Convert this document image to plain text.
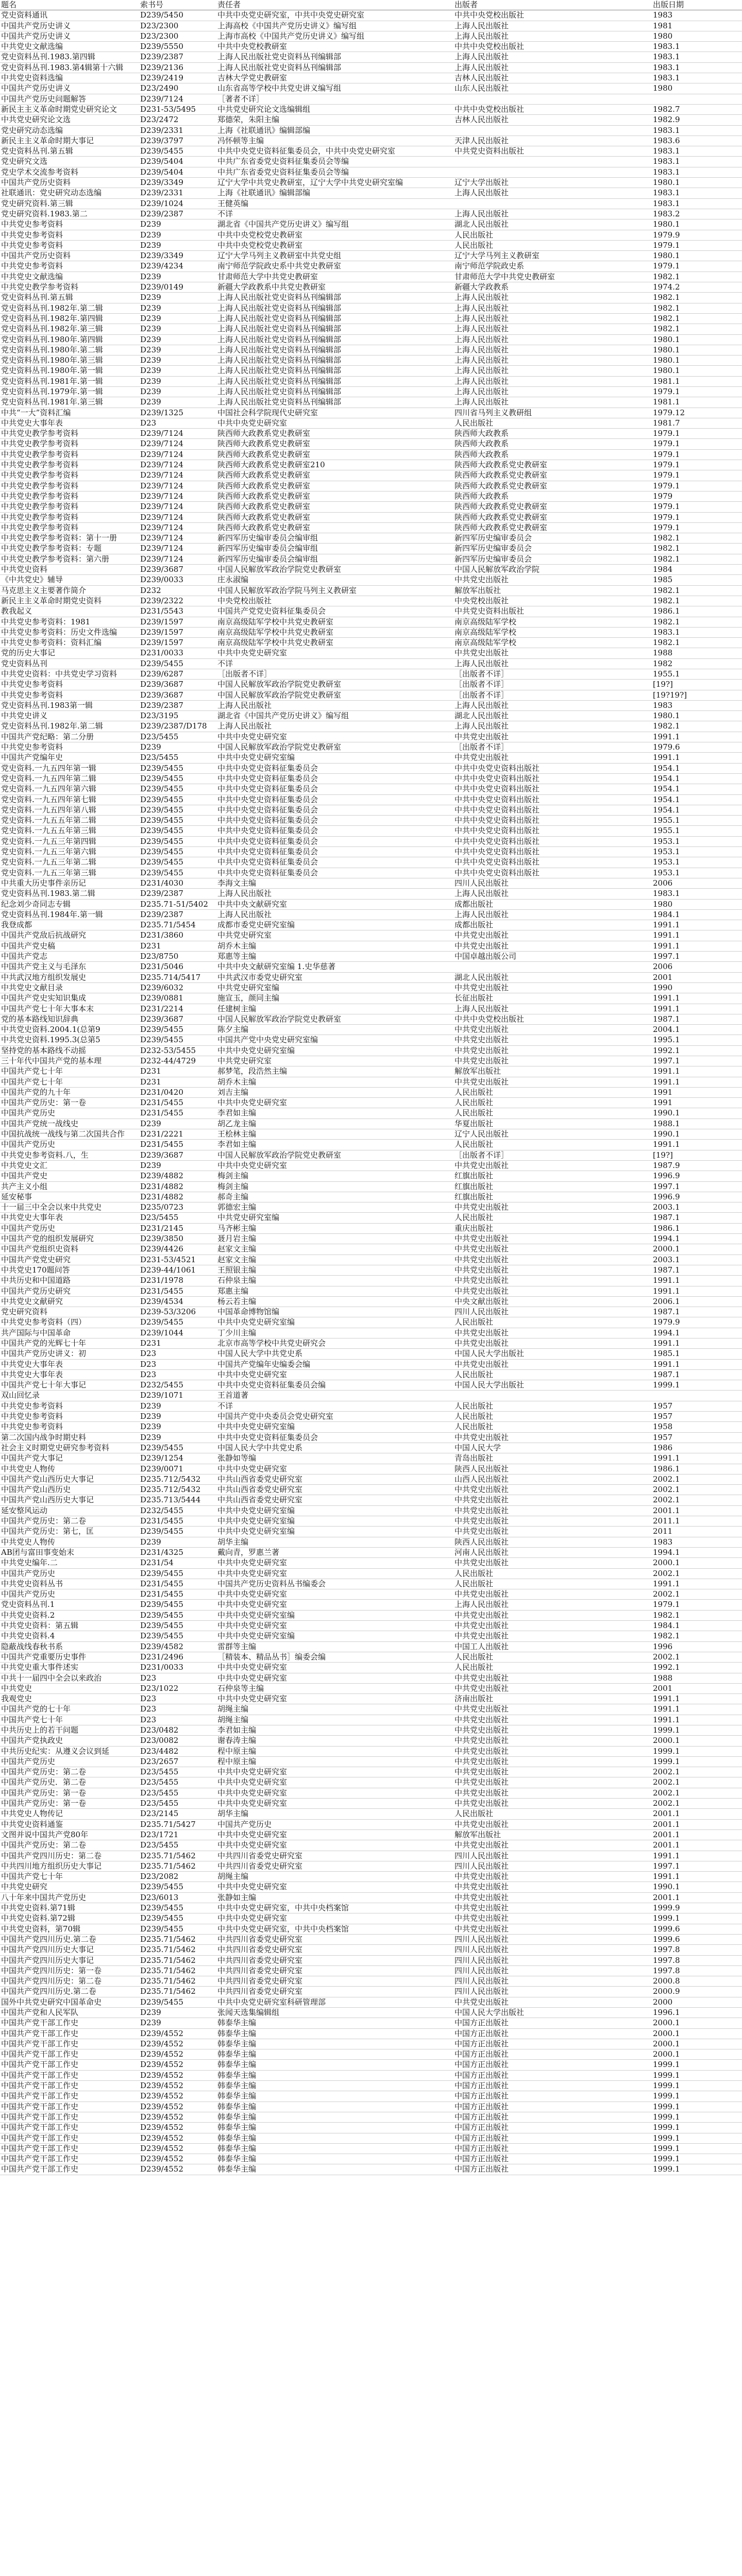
题名	索书号	责任者	出版者	出版日期
党史资料通讯	D239/5450	中共中央党史研究室，中共中央党史研究室	中共中央党校出版社	1983
中国共产党历史讲义	D23/2300	上海高校《中国共产党历史讲义》编写组	上海人民出版社	1981
中国共产党历史讲义	D23/2300	上海市高校《中国共产党历史讲义》编写组	上海人民出版社	1980
中共党史文献选编	D239/5550	中共中央党校教研室	中共中央党校出版社	1983.1
党史资料丛刊.1983.第四辑	D239/2387	上海人民出版社党史资料丛刊编辑部	上海人民出版社	1983.1
党史资料丛刊.1983.第4辑第十六辑	D239/2136	上海人民出版社党史资料丛刊编辑部	上海人民出版社	1983.1
中共党史资料选编	D239/2419	吉林大学党史教研室	吉林人民出版社	1983.1
中国共产党历史讲义	D23/2490	山东省高等学校中共党史讲义编写组	山东人民出版社	1980
中国共产党历史问题解答	D239/7124	［著者不详］		
新民主主义革命时期党史研究论文	D231-53/5495	中共党史研究论文选编辑组	中共中央党校出版社	1982.7
中共党史研究论文选	D23/2472	郑德荣，朱阳主编	吉林人民出版社	1982.9
党史研究动态选编	D239/2331	上海《社联通讯》编辑部编		1983.1
新民主主义革命时期大事记	D239/3797	冯怀顿等主编	天津人民出版社	1983.6
党史资料丛刊.第五辑	D239/5455	中共中央党史资料征集委员会，中共中央党史研究室	中共党史资料出版社	1983.1
党史研究文选	D239/5404	中共广东省委党史资料征集委员会等编		1983.1
党史学术交流参考资料	D239/5404	中共广东省委党史资料征集委员会等编		1983.1
中国共产党历史资料	D239/3349	辽宁大学中共党史教研室，辽宁大学中共党史研究室编	辽宁大学出版社	1980.1
社联通讯：党史研究动态选编	D239/2331	上海《社联通讯》编辑部编	上海人民出版社	1983.1
党史研究资料.第三辑	D239/1024	王健英编		1983.1
党史研究资料.1983.第二	D239/2387	不详	上海人民出版社	1983.2
中共党史参考资料	D239	湖北省《中国共产党历史讲义》编写组	湖北人民出版社	1980.1
中共党史参考资料	D239	中共中央党校党史教研室	人民出版社	1979.9
中共党史参考资料	D239	中共中央党校党史教研室	人民出版社	1979.1
中国共产党历史资料	D239/3349	辽宁大学马列主义教研室中共党史组	辽宁大学马列主义教研室	1980.1
中共党史参考资料	D239/4234	南宁师范学院政史系中共党史教研室	南宁师范学院政史系	1979.1
中共党史文献选编	D239	甘肃师范大学中共党史教研室	甘肃师范大学中共党史教研室	1982.1
中共党史教学参考资料	D239/0149	新疆大学政教系中共党史教研室	新疆大学政教系	1974.2
党史资料丛刊.第五辑	D239	上海人民出版社党史资料丛刊编辑部	上海人民出版社	1982.1
党史资料丛刊.1982年.第二辑	D239	上海人民出版社党史资料丛刊编辑部	上海人民出版社	1982.1
党史资料丛刊.1982年.第四辑	D239	上海人民出版社党史资料丛刊编辑部	上海人民出版社	1982.1
党史资料丛刊.1982年.第三辑	D239	上海人民出版社党史资料丛刊编辑部	上海人民出版社	1982.1
党史资料丛刊.1980年.第四辑	D239	上海人民出版社党史资料丛刊编辑部	上海人民出版社	1980.1
党史资料丛刊.1980年.第二辑	D239	上海人民出版社党史资料丛刊编辑部	上海人民出版社	1980.1
党史资料丛刊.1980年.第三辑	D239	上海人民出版社党史资料丛刊编辑部	上海人民出版社	1980.1
党史资料丛刊.1980年.第一辑	D239	上海人民出版社党史资料丛刊编辑部	上海人民出版社	1980.1
党史资料丛刊.1981年.第一辑	D239	上海人民出版社党史资料丛刊编辑部	上海人民出版社	1981.1
党史资料丛刊.1979年.第一辑	D239	上海人民出版社党史资料丛刊编辑部	上海人民出版社	1979.1
党史资料丛刊.1981年.第三辑	D239	上海人民出版社党史资料丛刊编辑部	上海人民出版社	1981.1
中共“一大”资料汇编	D239/1325	中国社会科学院现代史研究室	四川省马列主义教研组	1979.12
中共党史大事年表	D23	中共中央党史研究室	人民出版社	1981.7
中共党史教学参考资料	D239/7124	陕西师大政教系党史教研室	陕西师大政教系	1979.1
中共党史教学参考资料	D239/7124	陕西师大政教系党史教研室	陕西师大政教系	1979.1
中共党史教学参考资料	D239/7124	陕西师大政教系党史教研室	陕西师大政教系	1979.1
中共党史教学参考资料	D239/7124	陕西师大政教系党史教研室210	陕西师大政教系党史教研室	1979.1
中共党史教学参考资料	D239/7124	陕西师大政教系党史教研室	陕西师大政教系党史教研室	1979.1
中共党史教学参考资料	D239/7124	陕西师大政教系党史教研室	陕西师大政教系党史教研室	1979.1
中共党史教学参考资料	D239/7124	陕西师大政教系党史教研室	陕西师大政教系	1979
中共党史教学参考资料	D239/7124	陕西师大政教系党史教研室	陕西师大政教系党史教研室	1979.1
中共党史教学参考资料	D239/7124	陕西师大政教系党史教研室	陕西师大政教系党史教研室	1979.1
中共党史教学参考资料	D239/7124	陕西师大政教系党史教研室	陕西师大政教系党史教研室	1979.1
中共党史教学参考资料：第十一册	D239/7124	新四军历史编审委员会编审组	新四军历史编审委员会	1982.1
中共党史教学参考资料：专题	D239/7124	新四军历史编审委员会编审组	新四军历史编审委员会	1982.1
中共党史教学参考资料：第六册	D239/7124	新四军历史编审委员会编审组	新四军历史编审委员会	1982.1
中共党史资料	D239/3687	中国人民解放军政治学院党史教研室	中国人民解放军政治学院	1984
《中共党史》辅导	D239/0033	庄永淑编	中共党史出版社	1985
马克思主义主要著作简介	D232	中国人民解放军政治学院马列主义教研室	解放军出版社	1982.1
新民主主义革命时期党史资料	D239/2322	中央党校出版社	中央党校出版社	1982.1
教我起义	D231/5543	中国共产党党史资料征集委员会	中共党史资料出版社	1986.1
中共党史参考资料：1981	D239/1597	南京高级陆军学校中共党史教研室	南京高级陆军学校	1982.1
中共党史参考资料：历史文件选编	D239/1597	南京高级陆军学校中共党史教研室	南京高级陆军学校	1983.1
中共党史参考资料：资料汇编	D239/1597	南京高级陆军学校中共党史教研室	南京高级陆军学校	1982.1
党的历史大事记	D231/0033	中共中央党史研究室	中共党史出版社	1988
党史资料丛刊	D239/5455	不详	上海人民出版社	1982
中共党史资料：中共党史学习资料	D239/6287	［出版者不详］	［出版者不详］	1955.1
中共党史参考资料	D239/3687	中国人民解放军政治学院党史教研室	［出版者不详］	[19?]
中共党史参考资料	D239/3687	中国人民解放军政治学院党史教研室	［出版者不详］	[19?19?]
党史资料丛刊.1983第一辑	D239/2387	上海人民出版社	上海人民出版社	1983
中共党史讲义	D23/3195	湖北省《中国共产党历史讲义》编写组	湖北人民出版社	1980.1
党史资料丛刊.1982年.第二辑	D239/2387/D178	上海人民出版社	上海人民出版社	1982.1
中国共产党纪略：第二分册	D23/5455	中共中央党史研究室	中共党史出版社	1991.1
中共党史参考资料	D239	中国人民解放军政治学院党史教研室	［出版者不详］	1979.6
中国共产党编年史	D23/5455	中共中央党史研究室编	中共党史出版社	1991.1
党史资料.一九五四年第一辑	D239/5455	中共中央党史资料征集委员会	中共中央党史资料出版社	1954.1
党史资料.一九五四年第二辑	D239/5455	中共中央党史资料征集委员会	中共中央党史资料出版社	1954.1
党史资料.一九五四年第六辑	D239/5455	中共中央党史资料征集委员会	中共中央党史资料出版社	1954.1
党史资料.一九五四年第七辑	D239/5455	中共中央党史资料征集委员会	中共中央党史资料出版社	1954.1
党史资料.一九五四年第八辑	D239/5455	中共中央党史资料征集委员会	中共中央党史资料出版社	1954.1
党史资料.一九五五年第二辑	D239/5455	中共中央党史资料征集委员会	中共中央党史资料出版社	1955.1
党史资料.一九五五年第三辑	D239/5455	中共中央党史资料征集委员会	中共中央党史资料出版社	1955.1
党史资料.一九五三年第四辑	D239/5455	中共中央党史资料征集委员会	中共中央党史资料出版社	1953.1
党史资料.一九五三年第六辑	D239/5455	中共中央党史资料征集委员会	中共中央党史资料出版社	1953.1
党史资料.一九五三年第二辑	D239/5455	中共中央党史资料征集委员会	中共中央党史资料出版社	1953.1
党史资料.一九五三年第三辑	D239/5455	中共中央党史资料征集委员会	中共中央党史资料出版社	1953.1
中共重大历史事件亲历记	D231/4030	李海文主编	四川人民出版社	2006
党史资料丛刊.1983.第二辑	D239/2387	上海人民出版社	上海人民出版社	1983.1
纪念刘少奇同志专辑	D235.71-51/5402	中共中央文献研究室	成都出版社	1980
党史资料丛刊.1984年.第一辑	D239/2387	上海人民出版社	上海人民出版社	1984.1
我登成都	D235.71/5454	成都市委党史研究室编	成都出版社	1991.1
中国共产党敌后抗战研究	D231/3860	中共党史研究室	中共党史出版社	1991.1
中国共产党史稿	D231	胡乔木主编	中共党史出版社	1991.1
中国共产党志	D23/8750	郑惠等主编	中国卓越出版公司	1997.1
中国共产党主义与毛泽东	D231/5046	中共中央文献研究室编 1.史华慈著		2006
中共武汉地方组织发展史	D235.714/5417	中共武汉市委党史研究室	湖北人民出版社	2001
中共党史文献目录	D239/6032	中共党史研究室编	中共党史出版社	1990
中国共产党史实知识集成	D239/0881	施宣玉，颜同主编	长征出版社	1991.1
中国共产党七十年大事本末	D231/2214	任建树主编	上海人民出版社	1991.1
党的基本路线知识辞典	D239/3687	中国人民解放军政治学院党史教研室	中共中央党校出版社	1987.1
中共党史资料.2004.1(总第9	D239/5455	陈夕主编	中共党史出版社	2004.1
中共党史资料.1995.3(总第5	D239/5455	中国共产党中央党史研究室编	中共党史出版社	1995.1
坚持党的基本路线不动摇	D232-53/5455	中共中央党史研究室编	中共党史出版社	1992.1
三十年代中国共产党的基本理	D232-44/4729	中共党史研究室	中共党史出版社	1997.1
中国共产党七十年	D231	郝梦笔，段浩然主编	解放军出版社	1991.1
中国共产党七十年	D231	胡乔木主编	中共党史出版社	1991.1
中国共产党的九十年	D231/0420	刘吉主编	人民出版社	1991
中国共产党历史：第一卷	D231/5455	中共中央党史研究室	人民出版社	1991
中国共产党历史	D231/5455	李君如主编	人民出版社	1990.1
中国共产党统一战线史	D239	胡乙龙主编	华夏出版社	1988.1
中国抗战统一战线与第二次国共合作	D231/2221	王桧林主编	辽宁人民出版社	1990.1
中国共产党历史	D231/5455	李君如主编	人民出版社	1991.1
中共党史参考资料.八，生	D239/3687	中国人民解放军政治学院党史教研室	［出版者不详］	[19?]
中共党史文汇	D239	中共中央党史研究室	中共党史出版社	1987.9
中国共产党史	D239/4882	梅剑主编	红旗出版社	1996.9
共产主义小组	D231/4882	梅剑主编	红旗出版社	1997.1
延安秘事	D231/4882	郝奇主编	红旗出版社	1996.9
十一届三中全会以来中共党史	D235/0723	郭德宏主编	中共党史出版社	2003.1
中共党史大事年表	D23/5455	中共党史研究室编	人民出版社	1987.1
中国共产党历史	D231/2145	马齐彬主编	重庆出版社	1986.1
中国共产党的组织发展研究	D239/3850	聂月岩主编	中共党史出版社	1994.1
中国共产党组织史资料	D239/4426	赵家文主编	中共党史出版社	2000.1
中国共产党党史研究	D231-53/4521	赵家文主编	中共党史出版社	2003.1
中共党史170题问答	D239-44/1061	王照银主编	中共党史出版社	1987.1
中共历史和中国道路	D231/1978	石仲泉主编	中共党史出版社	1991.1
中国共产党历史研究	D231/5455	郑惠主编	中共党史出版社	1991.1
中共党史文献研究	D239/4534	杨云若主编	中央文献出版社	2006.1
党史研究资料	D239-53/3206	中国革命博物馆编	四川人民出版社	1987.1
中共党史参考资料（四）	D239/5455	中共中央党史研究室编	人民出版社	1979.9
共产国际与中国革命	D239/1044	丁少川主编	中共党史出版社	1994.1
中国共产党的光辉七十年	D231	北京市高等学校中共党史研究会	中共党史出版社	1991.1
中国共产党历史讲义：初	D23	中国人民大学中共党史系	中国人民大学出版社	1985.1
中共党史大事年表	D23	中国共产党编年史编委会编	中共党史出版社	1991.1
中共党史大事年表	D23	中共中央党史研究室	人民出版社	1987.1
中国共产党七十年大事记	D232/5455	中共中央党史资料征集委员会编	中国人民大学出版社	1999.1
双山回忆录	D239/1071	王首道著		
中共党史参考资料	D239	不详	人民出版社	1957
中共党史参考资料	D239	中国共产党中央委员会党史研究室	人民出版社	1957
中共党史参考资料	D239	中共中央党史研究室编	人民出版社	1958
第二次国内战争时期史料	D239	中共中央党史资料征集委员会	中共党史出版社	1957
社会主义时期党史研究参考资料	D239/5455	中国人民大学中共党史系	中国人民大学	1986
中国共产党大事记	D239/1254	张静如等编	青岛出版社	1991.1
中共党史人物传	D239/0071	中共中央党史研究室	陕西人民出版社	1986.1
中国共产党山西历史大事记	D235.712/5432	中共山西省委党史研究室	山西人民出版社	2002.1
中国共产党山西历史	D235.712/5432	中共山西省委党史研究室	中共党史出版社	2002.1
中国共产党山西历史大事记	D235.713/5444	中共山西省委党史研究室	中共党史出版社	2002.1
延安整风运动	D232/5455	中共中央党史研究室编	中共党史出版社	2001.1
中国共产党历史：第二卷	D231/5455	中共中央党史研究室编	中共党史出版社	2011.1
中国共产党历史：第七，匡	D239/5455	中共中央党史研究室编	中共党史出版社	2011
中共党史人物传	D239	胡华主编	陕西人民出版社	1983
AB团与富田事变始末	D231/4325	戴向青，罗惠兰著	河南人民出版社	1994.1
中共党史编年.二	D231/54	中共中央党史研究室	中共党史出版社	2000.1
中国共产党历史	D239/5455	中共中央党史研究室	人民出版社	2002.1
中共党史资料丛书	D231/5455	中国共产党历史资料丛书编委会	人民出版社	1991.1
中国共产党历史	D231/5455	中共中央党史研究室	中共党史出版社	2002.1
党史资料丛刊.1	D239/5455	中共中央党史研究室	上海人民出版社	1979.1
中共党史资料.2	D239/5455	中共中央党史研究室编	中共党史出版社	1982.1
中共党史资料：第五辑	D239/5455	中共中央党史研究室	中共党史出版社	1984.1
中共党史资料.4	D239/5455	中共中央党史研究室编	中共党史出版社	1982.1
隐蔽战线春秋书系	D239/4582	雷群等主编	中国工人出版社	1996
中国共产党重要历史事件	D231/2496	［精装本、精品丛书］编委会编	人民出版社	2002.1
中共党史重大事件述实	D231/0033	中共中央党史研究室	人民出版社	1992.1
中共十一届四中全会以来政治	D23	中共中央党史研究室	中共党史出版社	1988
中共党史	D23/1022	石仲泉等主编	中共党史出版社	2001
我观党史	D23	中共中央党史研究室	济南出版社	1991.1
中国共产党的七十年	D23	胡绳主编	中共党史出版社	1991.1
中国共产党七十年	D23	胡绳主编	中共党史出版社	1991.1
中共历史上的若干问题	D23/0482	李君如主编	中共党史出版社	1999.1
中国共产党执政史	D23/0082	谢春涛主编	中共党史出版社	2000.1
中共历史纪实：从遵义会议到延	D23/4482	程中原主编	中共党史出版社	1999.1
中国共产党历史	D23/2657	程中原主编	中共党史出版社	1999.1
中国共产党历史：第二卷	D23/5455	中共中央党史研究室	中共党史出版社	2002.1
中国共产党历史．第二卷	D23/5455	中共中央党史研究室	中共党史出版社	2002.1
中国共产党历史：第一卷	D23/5455	中共中央党史研究室	中共党史出版社	2002.1
中国共产党历史：第一卷	D23/5455	中共中央党史研究室	中共党史出版社	2002.1
中共党史人物传记	D23/2145	胡华主编	人民出版社	2001.1
中共党史资料通鉴	D235.71/5427	中国共产党历史	中共党史出版社	2001.1
文图并说中国共产党80年	D23/1721	中共中央党史研究室	解放军出版社	2001.1
中国共产党历史：第二卷	D23/5455	中共中央党史研究室	中共党史出版社	2001.1
中国共产党四川历史：第二卷	D235.71/5462	中共四川省委党史研究室	四川人民出版社	1991.1
中共四川地方组织历史大事记	D235.71/5462	中共四川省委党史研究室	四川人民出版社	1997.1
中国共产党七十年	D23/2082	胡绳主编	中共党史出版社	1991.1
中共党史研究	D239/5455	中共中央党史研究室	中共党史出版社	1990.1
八十年来中国共产党历史	D23/6013	张静如主编	中共党史出版社	2001.1
中共党史资料.第71辑	D239/5455	中共中央党史研究室，中共中央档案馆	中共党史出版社	1999.9
中共党史资料.第72辑	D239/5455	中共中央党史研究室	中共党史出版社	1999.1
中共党史资料，第70辑	D239/5455	中共中央党史研究室，中共中央档案馆	中共党史出版社	1999.6
中国共产党四川历史.第二卷	D235.71/5462	中共四川省委党史研究室	四川人民出版社	1999.6
中国共产党四川历史大事记	D235.71/5462	中共四川省委党史研究室	四川人民出版社	1997.8
中国共产党四川历史大事记	D235.71/5462	中共四川省委党史研究室	四川人民出版社	1997.8
中国共产党四川历史：第一卷	D235.71/5462	中共四川省委党史研究室	四川人民出版社	1997.8
中国共产党四川历史：第二卷	D235.71/5462	中共四川省委党史研究室	四川人民出版社	2000.8
中国共产党四川历史.第二卷	D235.71/5462	中共四川省委党史研究室	四川人民出版社	2000.9
国外中共党史研究中国革命史	D239/5455	中共中央党史研究室科研管理部	中共党史出版社	2000
中国共产党和人民军队	D239	张闻天选集编辑组	中国人民大学出版社	1996.1
中国共产党干部工作史	D239	韩泰华主编	中国方正出版社	2000.1
中国共产党干部工作史	D239/4552	韩泰华主编	中国方正出版社	2000.1
中国共产党干部工作史	D239/4552	韩泰华主编	中国方正出版社	2000.1
中国共产党干部工作史	D239/4552	韩泰华主编	中国方正出版社	2000.1
中国共产党干部工作史	D239/4552	韩泰华主编	中国方正出版社	1999.1
中国共产党干部工作史	D239/4552	韩泰华主编	中国方正出版社	1999.1
中国共产党干部工作史	D239/4552	韩泰华主编	中国方正出版社	1999.1
中国共产党干部工作史	D239/4552	韩泰华主编	中国方正出版社	1999.1
中国共产党干部工作史	D239/4552	韩泰华主编	中国方正出版社	1999.1
中国共产党干部工作史	D239/4552	韩泰华主编	中国方正出版社	1999.1
中国共产党干部工作史	D239/4552	韩泰华主编	中国方正出版社	1999.1
中国共产党干部工作史	D239/4552	韩泰华主编	中国方正出版社	1999.1
中国共产党干部工作史	D239/4552	韩泰华主编	中国方正出版社	1999.1
中国共产党干部工作史	D239/4552	韩泰华主编	中国方正出版社	1999.1
中国共产党干部工作史	D239/4552	韩泰华主编	中国方正出版社	1999.1
